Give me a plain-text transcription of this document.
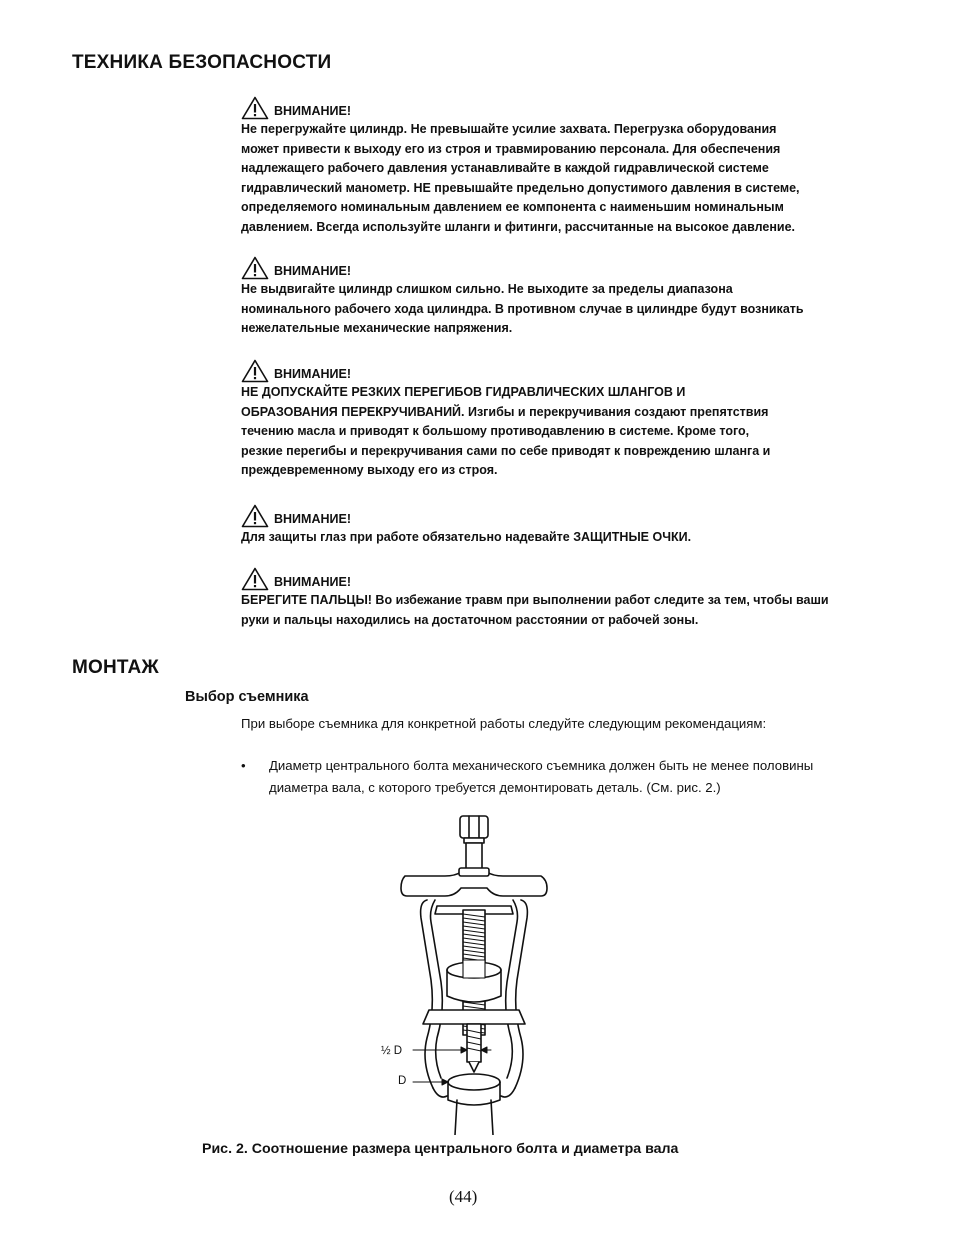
ТЕХНИКА БЕЗОПАСНОСТИ
ВНИМАНИЕ!
Не перегружайте цилиндр. Не превышайте усилие захвата. Перегрузка оборудования
может привести к выходу его из строя и травмированию персонала. Для обеспечения
надлежащего рабочего давления устанавливайте в каждой гидравлической системе
гидравлический манометр. НЕ превышайте предельно допустимого давления в системе,
определяемого номинальным давлением ее компонента с наименьшим номинальным
давлением. Всегда используйте шланги и фитинги, рассчитанные на высокое давление.
ВНИМАНИЕ!
Не выдвигайте цилиндр слишком сильно. Не выходите за пределы диапазона
номинального рабочего хода цилиндра. В противном случае в цилиндре будут возникать
нежелательные механические напряжения.
ВНИМАНИЕ!
НЕ ДОПУСКАЙТЕ РЕЗКИХ ПЕРЕГИБОВ ГИДРАВЛИЧЕСКИХ ШЛАНГОВ И
ОБРАЗОВАНИЯ ПЕРЕКРУЧИВАНИЙ. Изгибы и перекручивания создают препятствия
течению масла и приводят к большому противодавлению в системе. Кроме того,
резкие перегибы и перекручивания сами по себе приводят к повреждению шланга и
преждевременному выходу его из строя.
ВНИМАНИЕ!
Для защиты глаз при работе обязательно надевайте ЗАЩИТНЫЕ ОЧКИ.
ВНИМАНИЕ!
БЕРЕГИТЕ ПАЛЬЦЫ! Во избежание травм при выполнении работ следите за тем, чтобы ваши
руки и пальцы находились на достаточном расстоянии от рабочей зоны.
МОНТАЖ
Выбор съемника
При выборе съемника для конкретной работы следуйте следующим рекомендациям:
• Диаметр центрального болта механического съемника должен быть не менее половины
диаметра вала, с которого требуется демонтировать деталь. (См. рис. 2.)
½ D
D
Рис. 2. Соотношение размера центрального болта и диаметра вала
(44)
